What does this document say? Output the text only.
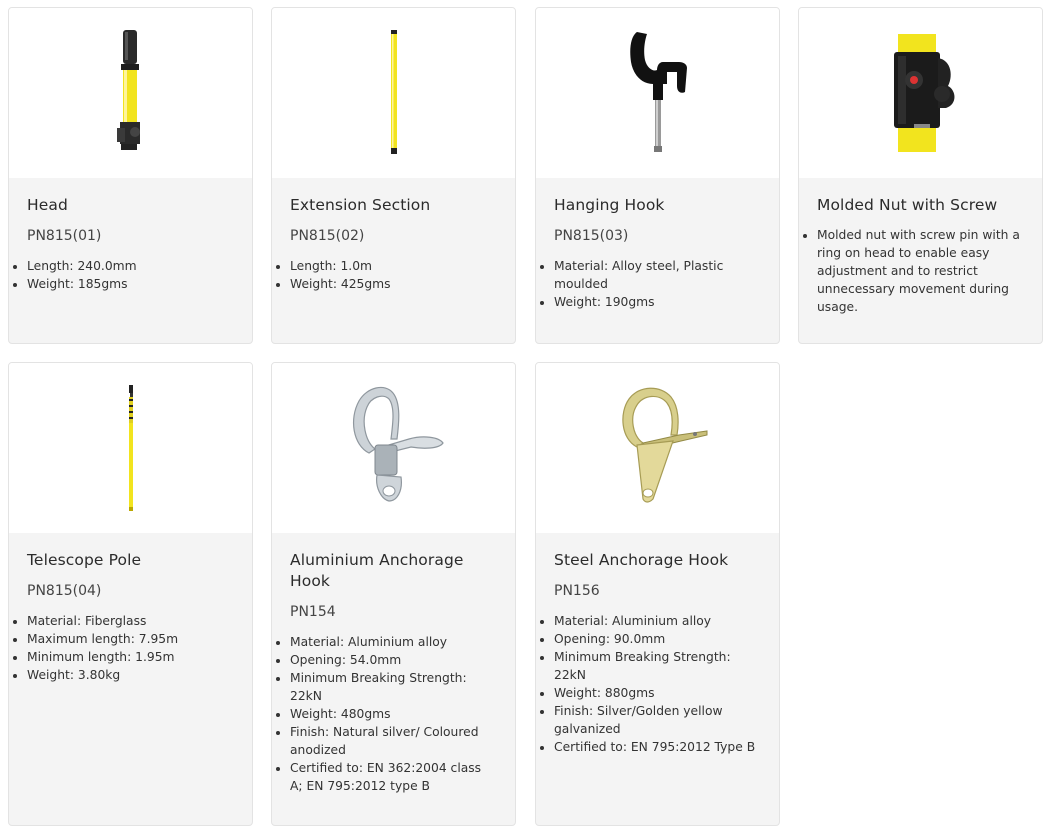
Head
PN815(01)
Length: 240.0mm
Weight: 185gms
Extension Section
PN815(02)
Length: 1.0m
Weight: 425gms
Hanging Hook
PN815(03)
Material: Alloy steel, Plastic moulded
Weight: 190gms
Molded Nut with Screw
Molded nut with screw pin with a ring on head to enable easy adjustment and to restrict unnecessary movement during usage.
Telescope Pole
PN815(04)
Material: Fiberglass
Maximum length: 7.95m
Minimum length: 1.95m
Weight: 3.80kg
Aluminium Anchorage Hook
PN154
Material: Aluminium alloy
Opening: 54.0mm
Minimum Breaking Strength: 22kN
Weight: 480gms
Finish: Natural silver/ Coloured anodized
Certified to: EN 362:2004 class A; EN 795:2012 type B
Steel Anchorage Hook
PN156
Material: Aluminium alloy
Opening: 90.0mm
Minimum Breaking Strength: 22kN
Weight: 880gms
Finish: Silver/Golden yellow galvanized
Certified to: EN 795:2012 Type B
